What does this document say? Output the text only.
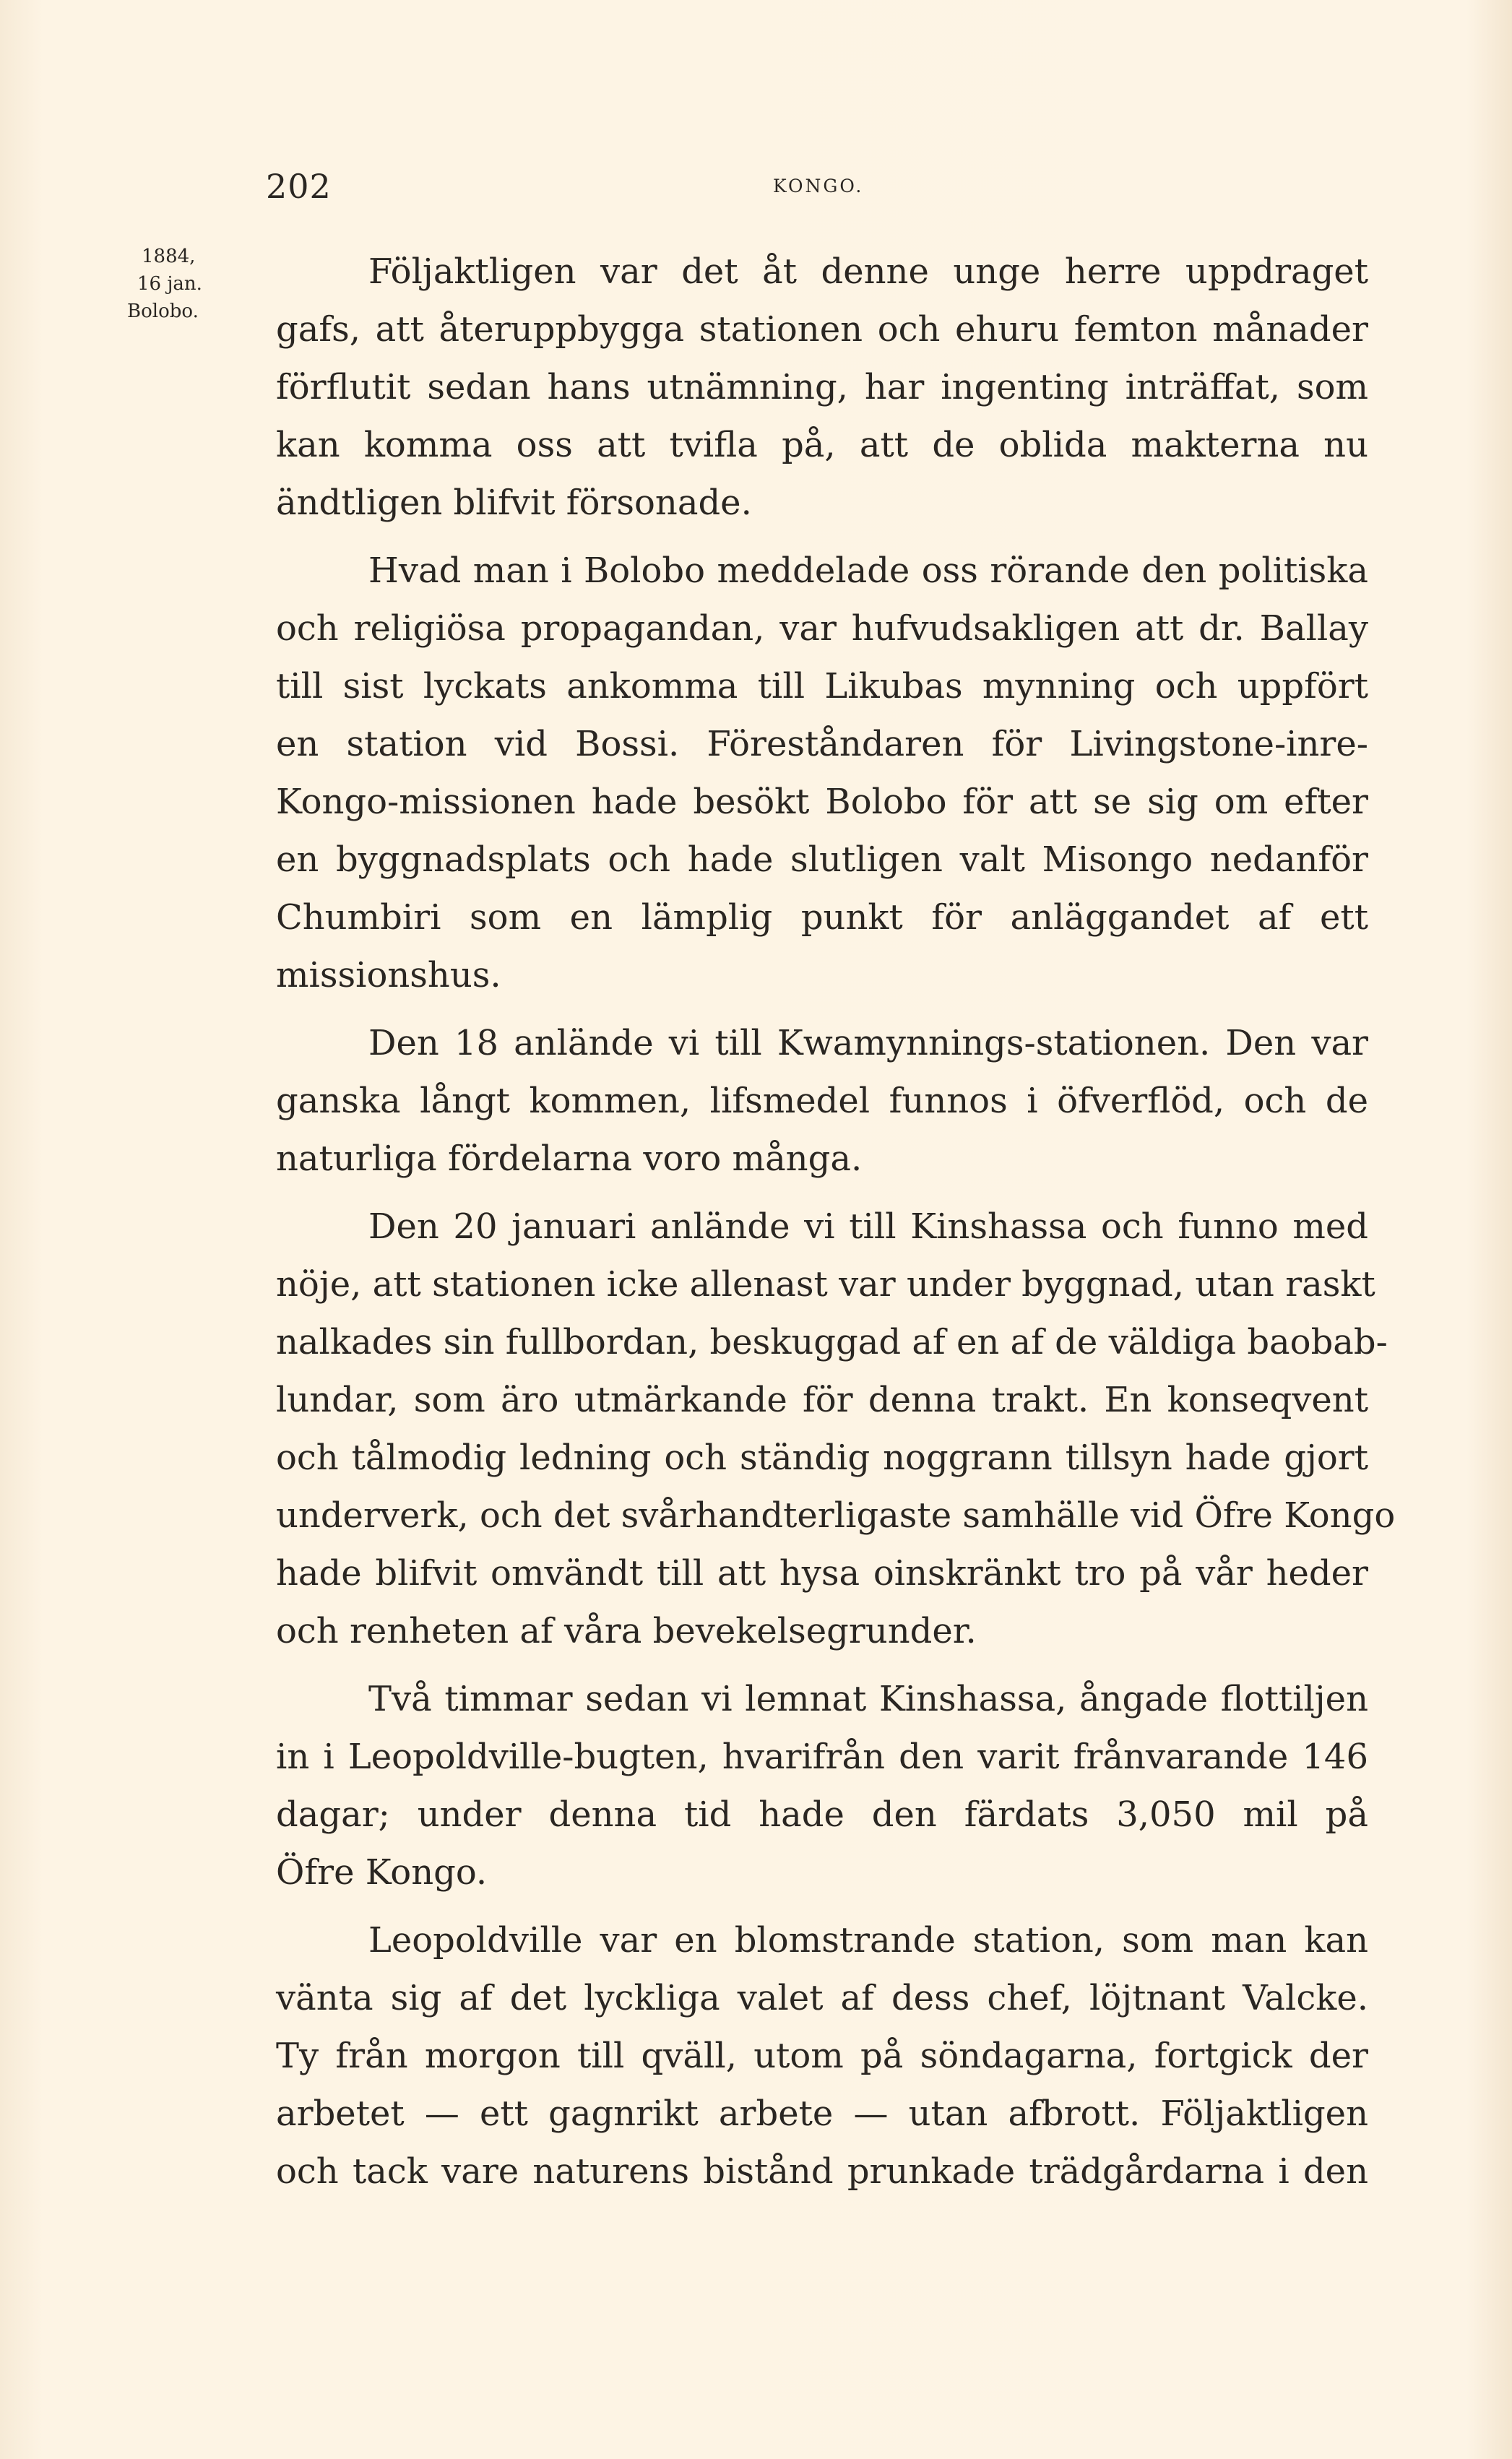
202	KONGO.
1884,
16 jan.
Bolobo.
Följaktligen var det åt denne unge herre uppdraget
gafs, att återuppbygga stationen och ehuru femton månader
förflutit sedan hans utnämning, har ingenting inträffat, som
kan komma oss att tvifla på, att de oblida makterna nu
ändtligen blifvit försonade.
Hvad man i Bolobo meddelade oss rörande den politiska
och religiösa propagandan, var hufvudsakligen att dr. Ballay
till sist lyckats ankomma till Likubas mynning och uppfört
en station vid Bossi. Föreståndaren för Livingstone-inre-
Kongo-missionen hade besökt Bolobo för att se sig om efter
en byggnadsplats och hade slutligen valt Misongo nedanför
Chumbiri som en lämplig punkt för anläggandet af ett
missionshus.
Den 18 anlände vi till Kwamynnings-stationen. Den var
ganska långt kommen, lifsmedel funnos i öfverflöd, och de
naturliga fördelarna voro många.
Den 20 januari anlände vi till Kinshassa och funno med
nöje, att stationen icke allenast var under byggnad, utan raskt
nalkades sin fullbordan, beskuggad af en af de väldiga baobab-
lundar, som äro utmärkande för denna trakt. En konseqvent
och tålmodig ledning och ständig noggrann tillsyn hade gjort
underverk, och det svårhandterligaste samhälle vid Öfre Kongo
hade blifvit omvändt till att hysa oinskränkt tro på vår heder
och renheten af våra bevekelsegrunder.
Två timmar sedan vi lemnat Kinshassa, ångade flottiljen
in i Leopoldville-bugten, hvarifrån den varit frånvarande 146
dagar; under denna tid hade den färdats 3,050 mil på
Öfre Kongo.
Leopoldville var en blomstrande station, som man kan
vänta sig af det lyckliga valet af dess chef, löjtnant Valcke.
Ty från morgon till qväll, utom på söndagarna, fortgick der
arbetet — ett gagnrikt arbete — utan afbrott. Följaktligen
och tack vare naturens bistånd prunkade trädgårdarna i den
